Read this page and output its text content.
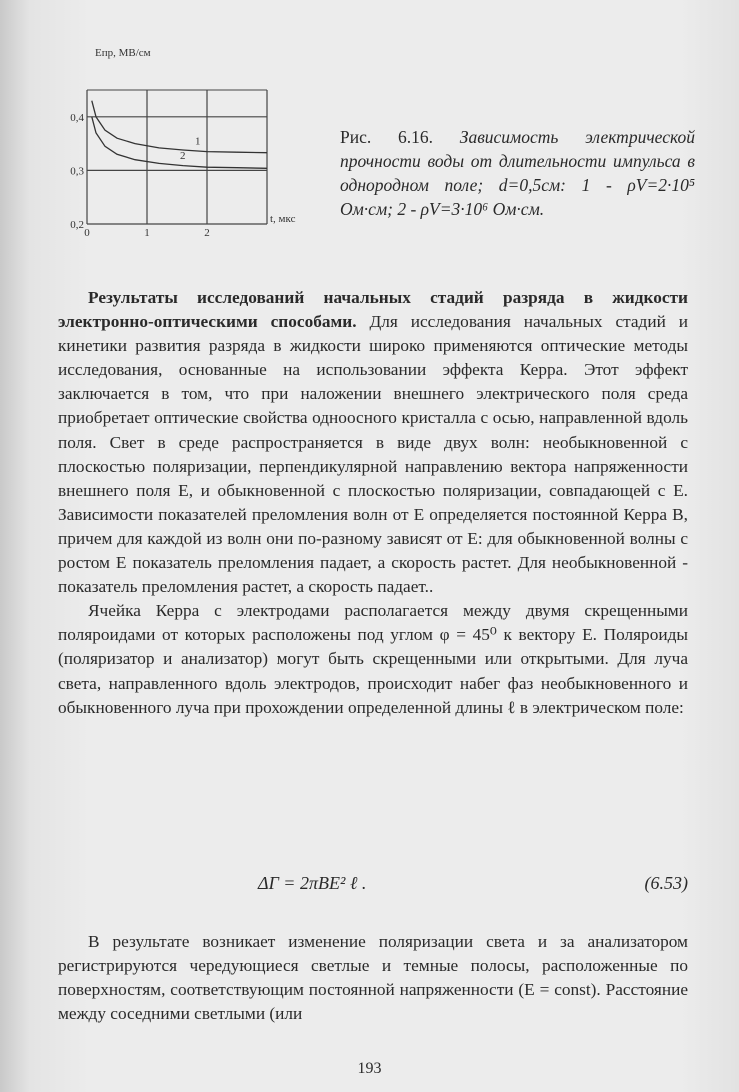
1
2
0,4
0,3
0,2
0	1	2
Eпр, МВ/см
t, мкс
Рис. 6.16. Зависимость электрической прочности воды от длительности импульса в однородном поле; d=0,5см: 1 - ρV=2·10⁵ Ом·см; 2 - ρV=3·10⁶ Ом·см.

Результаты исследований начальных стадий разряда в жидкости электронно-оптическими способами. Для исследования начальных стадий и кинетики развития разряда в жидкости широко применяются оптические методы исследования, основанные на использовании эффекта Керра. Этот эффект заключается в том, что при наложении внешнего электрического поля среда приобретает оптические свойства одноосного кристалла с осью, направленной вдоль поля. Свет в среде распространяется в виде двух волн: необыкновенной с плоскостью поляризации, перпендикулярной направлению вектора напряженности внешнего поля E, и обыкновенной с плоскостью поляризации, совпадающей с E. Зависимости показателей преломления волн от E определяется постоянной Керра B, причем для каждой из волн они по-разному зависят от E: для обыкновенной волны с ростом E показатель преломления падает, а скорость растет. Для необыкновенной - показатель преломления растет, а скорость падает..

Ячейка Керра с электродами располагается между двумя скрещенными поляроидами от которых расположены под углом φ = 45⁰ к вектору E. Поляроиды (поляризатор и анализатор) могут быть скрещенными или открытыми. Для луча света, направленного вдоль электродов, происходит набег фаз необыкновенного и обыкновенного луча при прохождении определенной длины ℓ в электрическом поле:

ΔΓ = 2πBE² ℓ .	(6.53)

В результате возникает изменение поляризации света и за анализатором регистрируются чередующиеся светлые и темные полосы, расположенные по поверхностям, соответствующим постоянной напряженности (E = const). Расстояние между соседними светлыми (или

193
